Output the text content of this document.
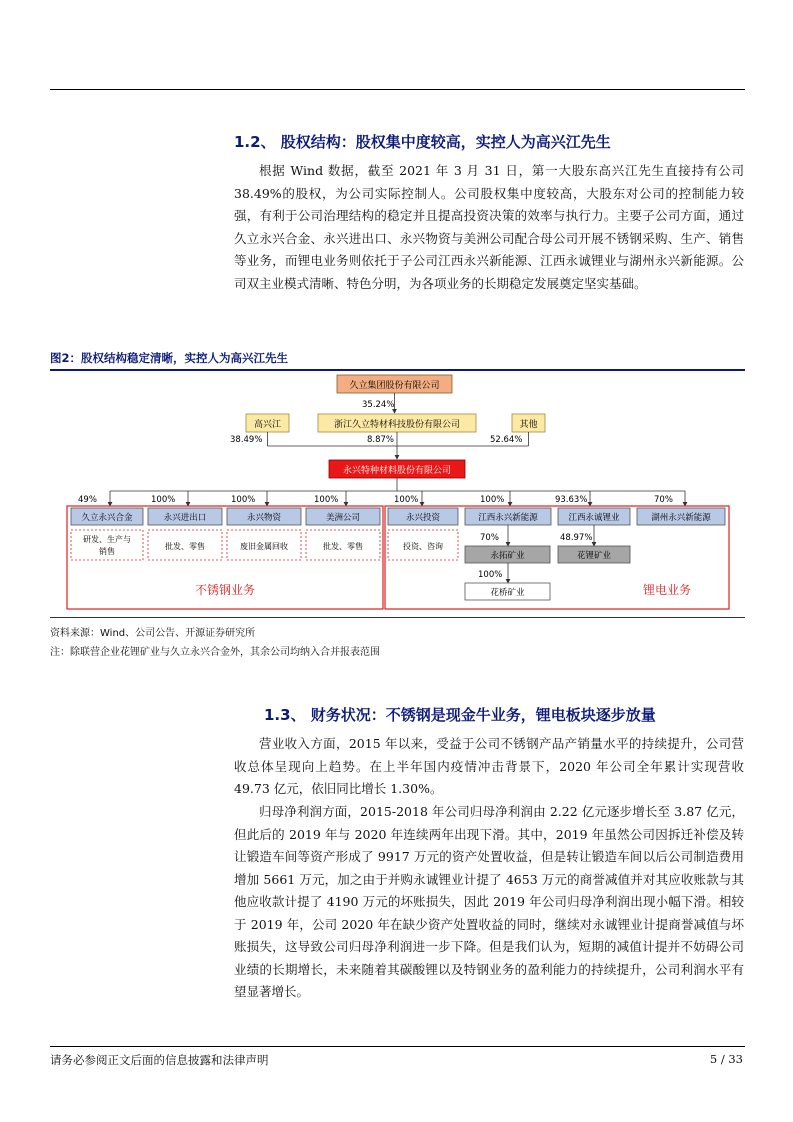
1.2、 股权结构：股权集中度较高，实控人为高兴江先生

根据 Wind 数据，截至 2021 年 3 月 31 日，第一大股东高兴江先生直接持有公司 38.49%的股权，为公司实际控制人。公司股权集中度较高，大股东对公司的控制能力较强，有利于公司治理结构的稳定并且提高投资决策的效率与执行力。主要子公司方面，通过久立永兴合金、永兴进出口、永兴物资与美洲公司配合母公司开展不锈钢采购、生产、销售等业务，而锂电业务则依托于子公司江西永兴新能源、江西永诚锂业与湖州永兴新能源。公司双主业模式清晰、特色分明，为各项业务的长期稳定发展奠定坚实基础。

图2：股权结构稳定清晰，实控人为高兴江先生
久立集团股份有限公司
35.24%
高兴江	浙江久立特材科技股份有限公司	其他
38.49%	8.87%	52.64%
永兴特种材料股份有限公司
49%	100%	100%	100%	100%	100%	93.63%	70%
久立永兴合金	永兴进出口	永兴物资	美洲公司	永兴投资	江西永兴新能源	江西永诚锂业	湖州永兴新能源
研发、生产与
销售
批发、零售	废旧金属回收	批发、零售	投资、咨询
70%
永拓矿业
48.97%
花锂矿业
100%
花桥矿业
不锈钢业务	锂电业务
资料来源：Wind、公司公告、开源证券研究所
注：除联营企业花锂矿业与久立永兴合金外，其余公司均纳入合并报表范围
1.3、 财务状况：不锈钢是现金牛业务，锂电板块逐步放量

营业收入方面，2015 年以来，受益于公司不锈钢产品产销量水平的持续提升，公司营收总体呈现向上趋势。在上半年国内疫情冲击背景下，2020 年公司全年累计实现营收 49.73 亿元，依旧同比增长 1.30%。

归母净利润方面，2015-2018 年公司归母净利润由 2.22 亿元逐步增长至 3.87 亿元，但此后的 2019 年与 2020 年连续两年出现下滑。其中，2019 年虽然公司因拆迁补偿及转让锻造车间等资产形成了 9917 万元的资产处置收益，但是转让锻造车间以后公司制造费用增加 5661 万元，加之由于并购永诚锂业计提了 4653 万元的商誉减值并对其应收账款与其他应收款计提了 4190 万元的坏账损失，因此 2019 年公司归母净利润出现小幅下滑。相较于 2019 年，公司 2020 年在缺少资产处置收益的同时，继续对永诚锂业计提商誉减值与坏账损失，这导致公司归母净利润进一步下降。但是我们认为，短期的减值计提并不妨碍公司业绩的长期增长，未来随着其碳酸锂以及特钢业务的盈利能力的持续提升，公司利润水平有望显著增长。

请务必参阅正文后面的信息披露和法律声明	5 / 33
